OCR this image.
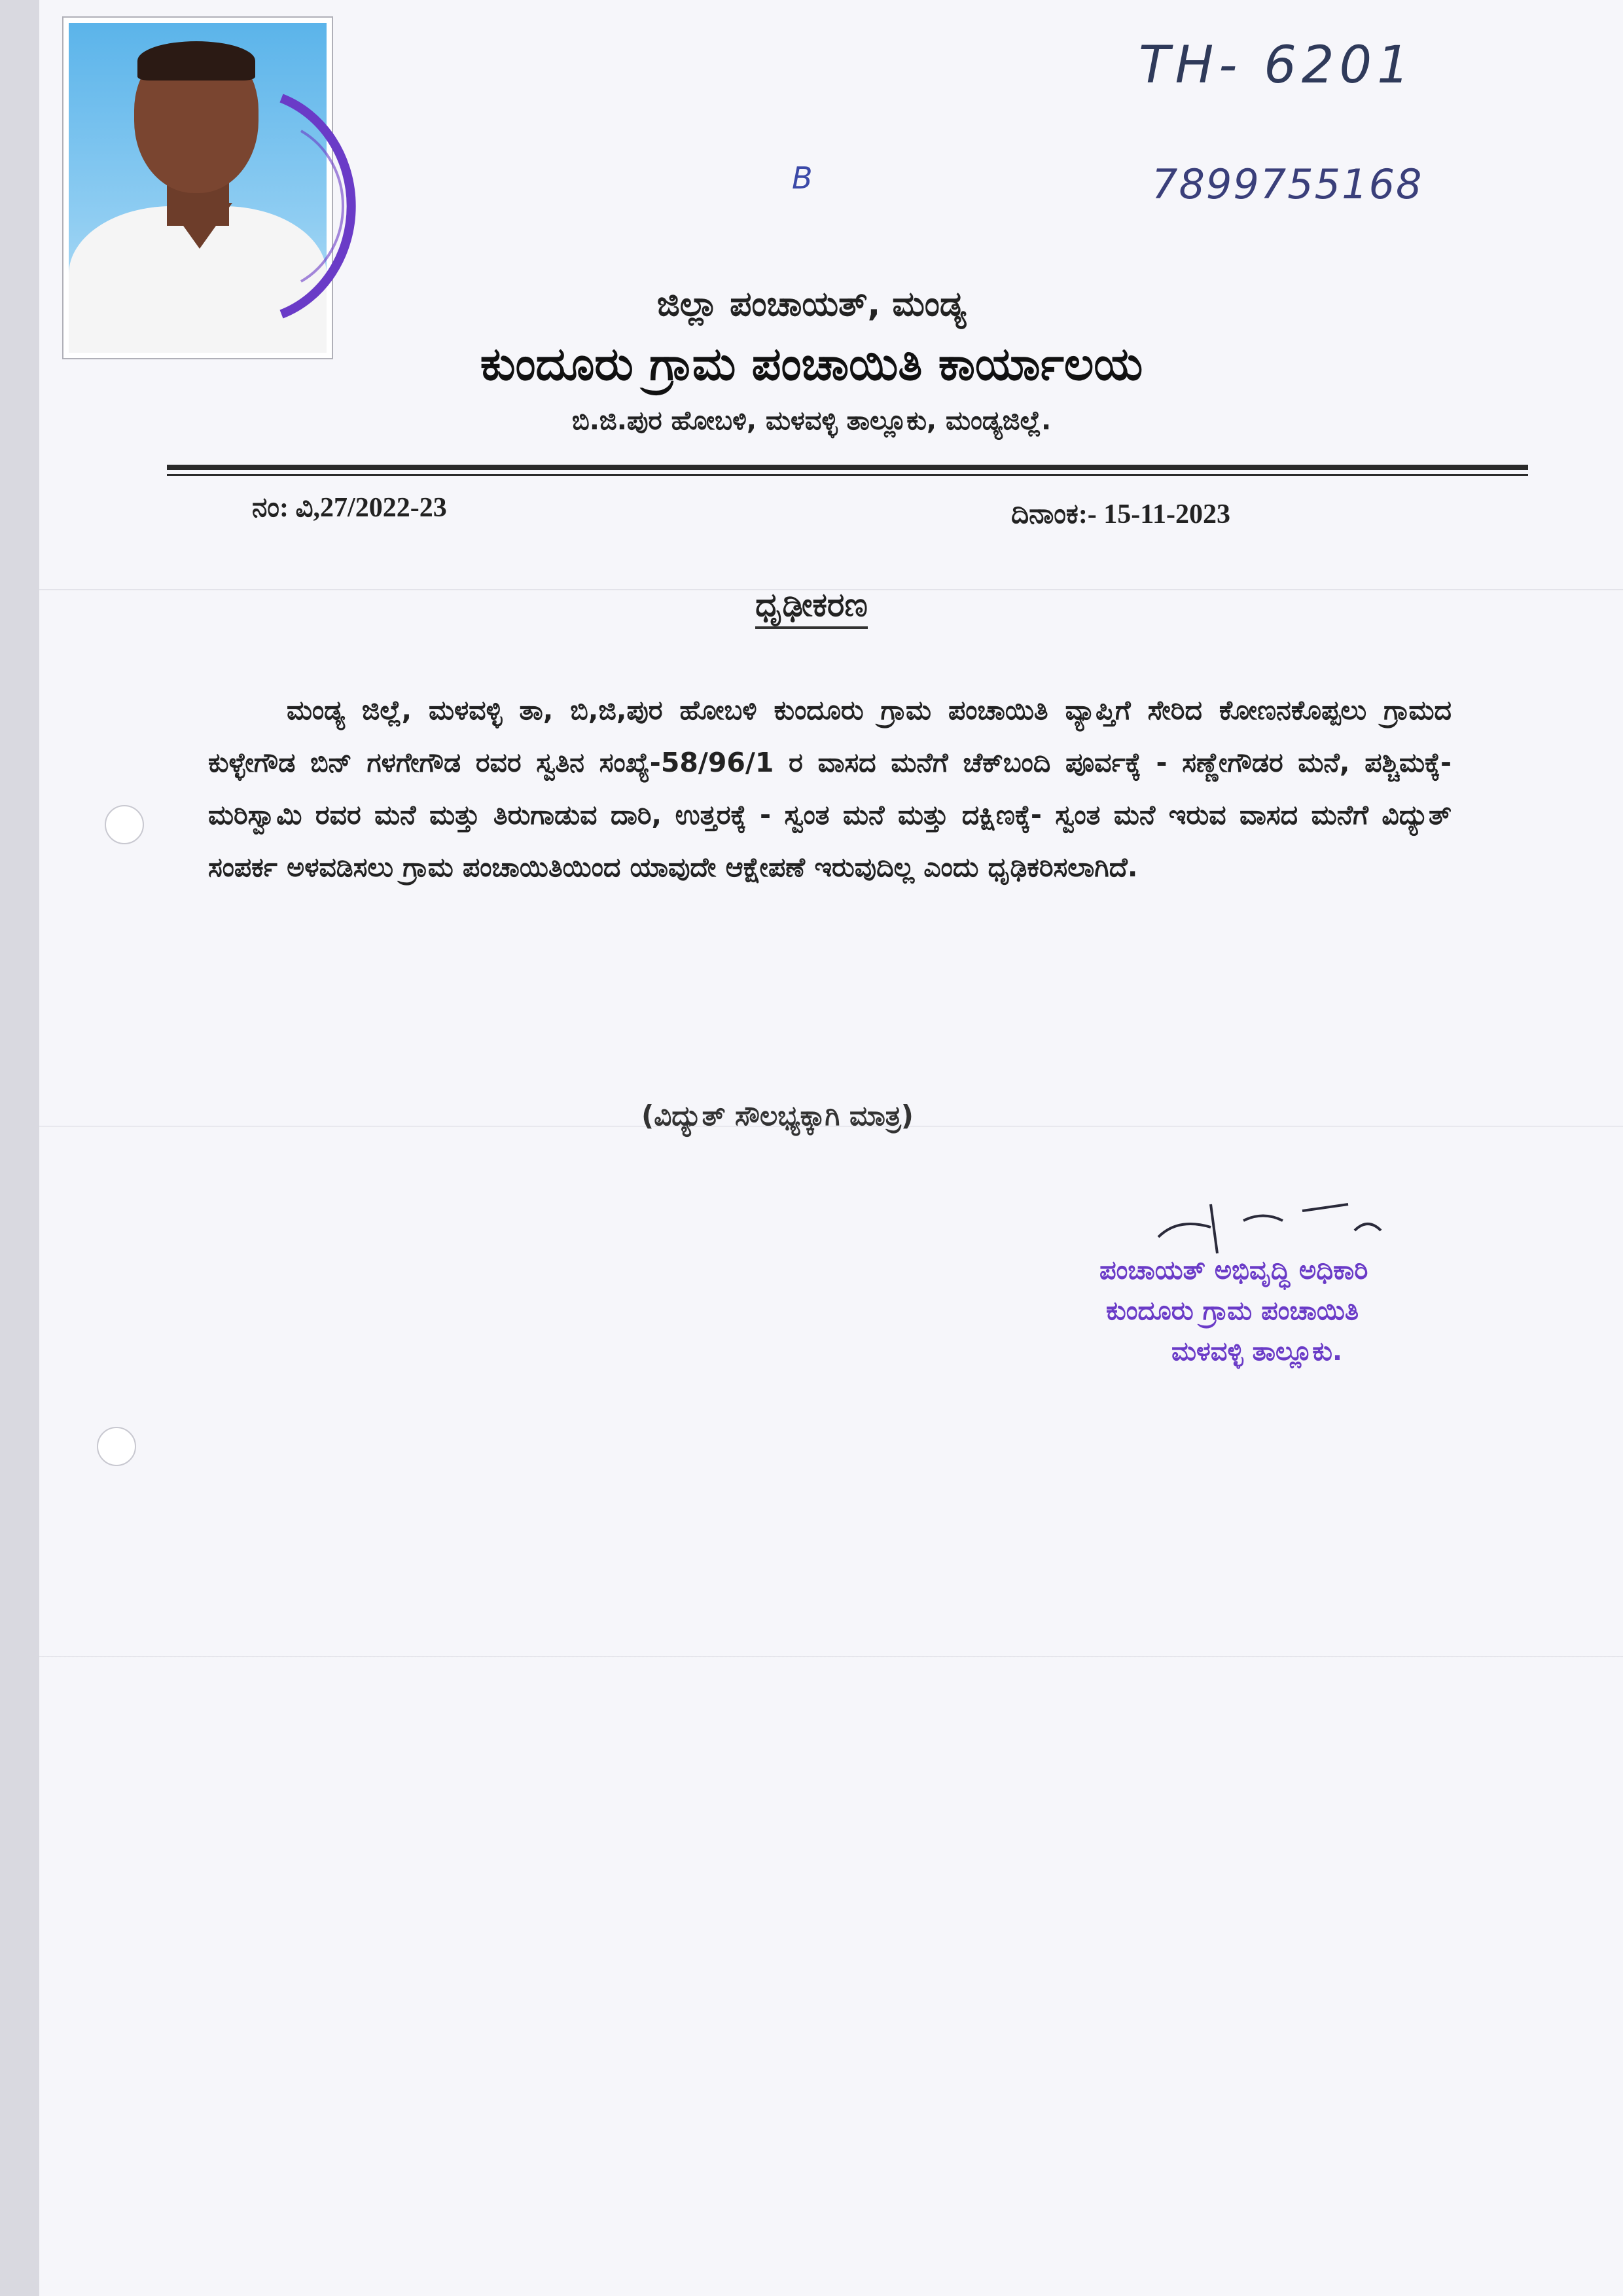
TH- 6201
7899755168
B
ಜಿಲ್ಲಾ ಪಂಚಾಯತ್, ಮಂಡ್ಯ
ಕುಂದೂರು ಗ್ರಾಮ ಪಂಚಾಯಿತಿ ಕಾರ್ಯಾಲಯ
ಬಿ.ಜಿ.ಪುರ ಹೋಬಳಿ, ಮಳವಳ್ಳಿ ತಾಲ್ಲೂಕು, ಮಂಡ್ಯಜಿಲ್ಲೆ.
ನಂ: ವಿ,27/2022-23	ದಿನಾಂಕ:- 15-11-2023
ಧೃಢೀಕರಣ
ಮಂಡ್ಯ ಜಿಲ್ಲೆ, ಮಳವಳ್ಳಿ ತಾ, ಬಿ,ಜಿ,ಪುರ ಹೋಬಳಿ ಕುಂದೂರು ಗ್ರಾಮ ಪಂಚಾಯಿತಿ ವ್ಯಾಪ್ತಿಗೆ ಸೇರಿದ ಕೋಣನಕೊಪ್ಪಲು ಗ್ರಾಮದ ಕುಳ್ಳೇಗೌಡ ಬಿನ್ ಗಳಗೇಗೌಡ ರವರ ಸ್ವತಿನ ಸಂಖ್ಯೆ-58/96/1 ರ ವಾಸದ ಮನೆಗೆ ಚೆಕ್‌ಬಂದಿ ಪೂರ್ವಕ್ಕೆ - ಸಣ್ಣೇಗೌಡರ ಮನೆ, ಪಶ್ಚಿಮಕ್ಕೆ-ಮರಿಸ್ವಾಮಿ ರವರ ಮನೆ ಮತ್ತು ತಿರುಗಾಡುವ ದಾರಿ, ಉತ್ತರಕ್ಕೆ - ಸ್ವಂತ ಮನೆ ಮತ್ತು ದಕ್ಷಿಣಕ್ಕೆ- ಸ್ವಂತ ಮನೆ ಇರುವ ವಾಸದ ಮನೆಗೆ ವಿದ್ಯುತ್ ಸಂಪರ್ಕ ಅಳವಡಿಸಲು ಗ್ರಾಮ ಪಂಚಾಯಿತಿಯಿಂದ ಯಾವುದೇ ಆಕ್ಷೇಪಣೆ ಇರುವುದಿಲ್ಲ ಎಂದು ಧೃಢಿಕರಿಸಲಾಗಿದೆ.
(ವಿದ್ಯುತ್ ಸೌಲಭ್ಯಕ್ಕಾಗಿ ಮಾತ್ರ)
ಪಂಚಾಯತ್ ಅಭಿವೃದ್ಧಿ ಅಧಿಕಾರಿ
ಕುಂದೂರು ಗ್ರಾಮ ಪಂಚಾಯಿತಿ
ಮಳವಳ್ಳಿ ತಾಲ್ಲೂಕು.
